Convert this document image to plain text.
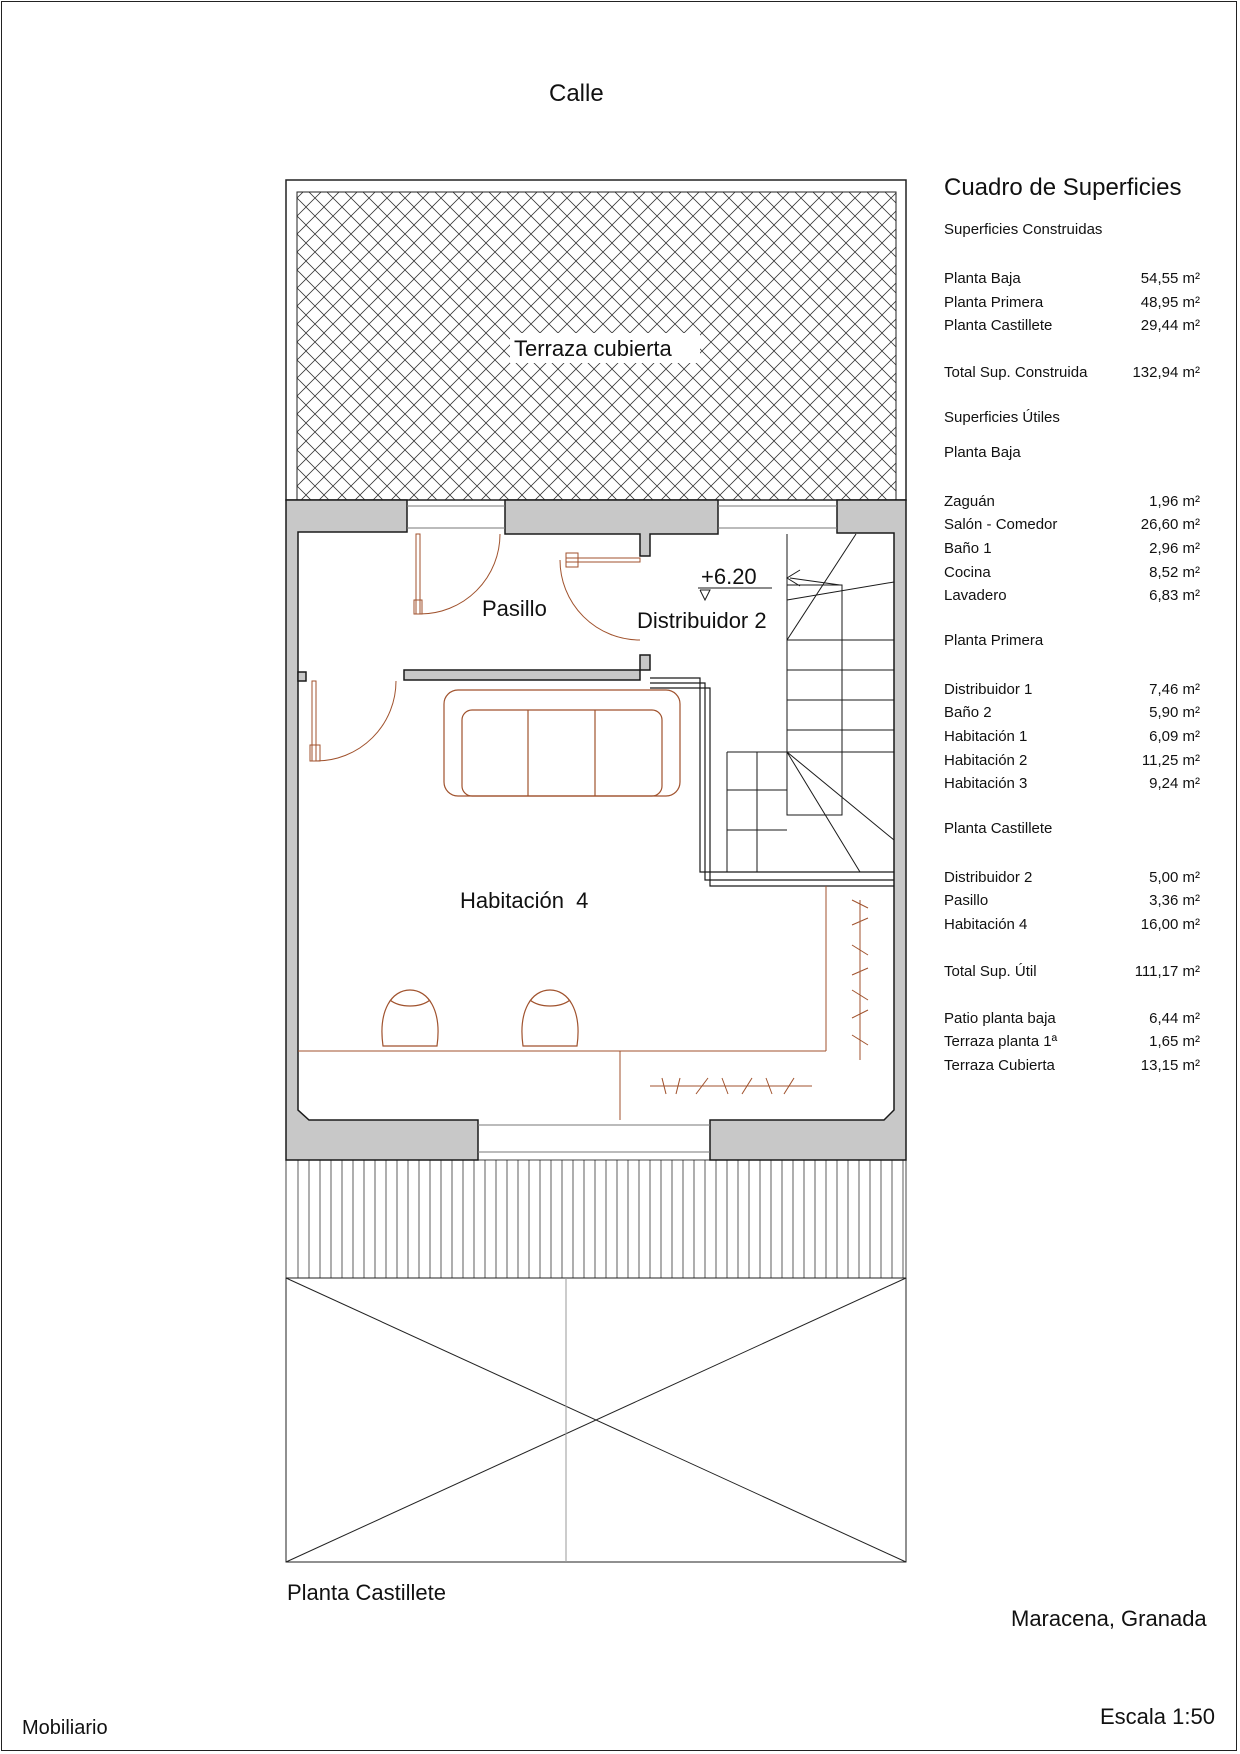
Calle
Terraza cubierta
Pasillo	Distribuidor 2
+6.20
Habitación  4
Planta Castillete
Maracena, Granada
Escala 1:50
Mobiliario
Cuadro de Superficies
Superficies Construidas
Planta Baja	54,55 m²
Planta Primera	48,95 m²
Planta Castillete	29,44 m²
Total Sup. Construida	132,94 m²
Superficies Útiles
Planta Baja
Zaguán	1,96 m²
Salón - Comedor	26,60 m²
Baño 1	2,96 m²
Cocina	8,52 m²
Lavadero	6,83 m²
Planta Primera
Distribuidor 1	7,46 m²
Baño 2	5,90 m²
Habitación 1	6,09 m²
Habitación 2	11,25 m²
Habitación 3	9,24 m²
Planta Castillete
Distribuidor 2	5,00 m²
Pasillo	3,36 m²
Habitación 4	16,00 m²
Total Sup. Útil	111,17 m²
Patio planta baja	6,44 m²
Terraza planta 1ª	1,65 m²
Terraza Cubierta	13,15 m²
